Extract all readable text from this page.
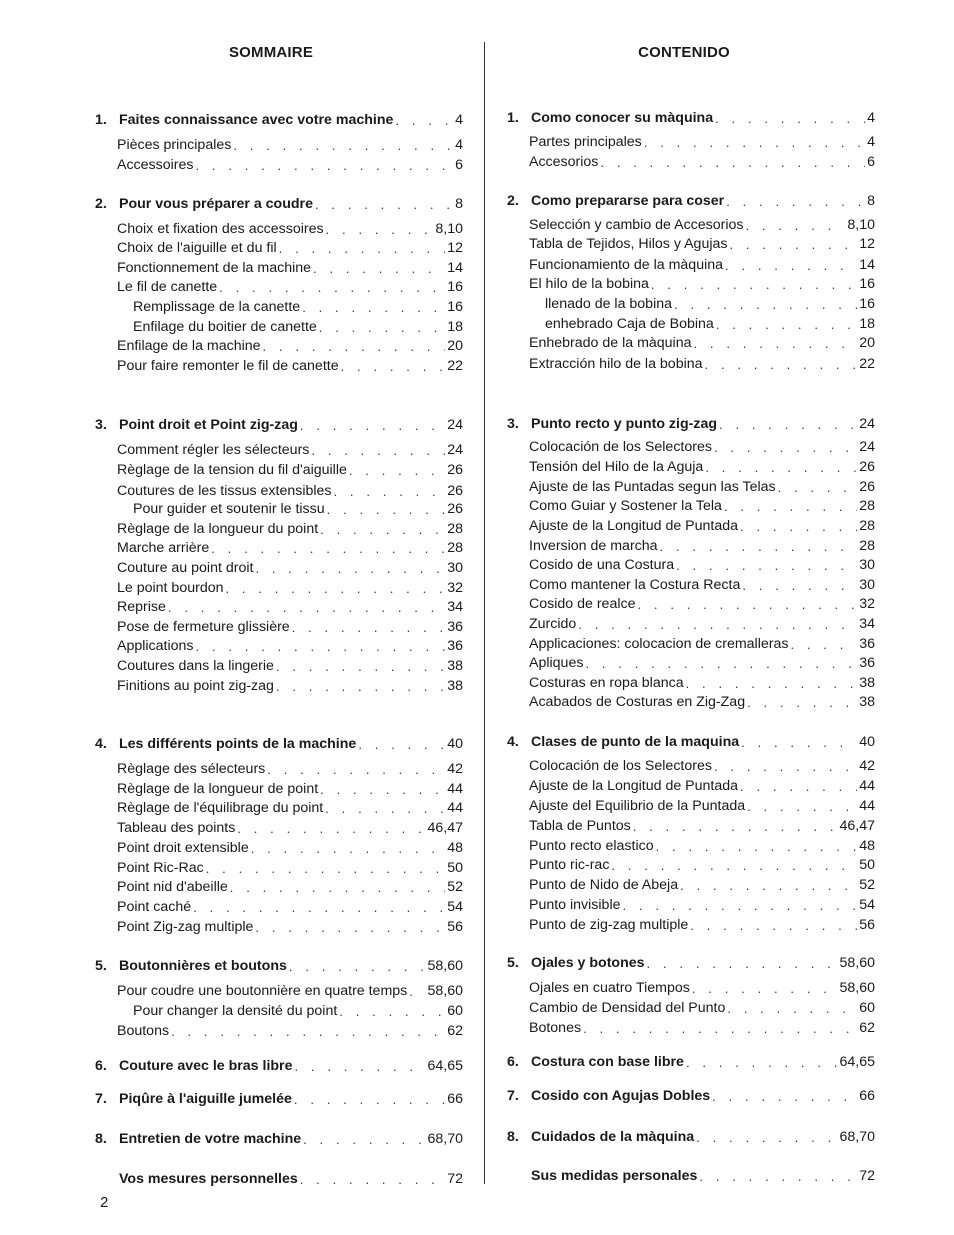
SOMMAIRE
1. Faites connaissance avec votre machine . . .	4
Pièces principales . . .	4
Accessoires . . .	6
2. Pour vous préparer a coudre . . .	8
Choix et fixation des accessoires . . .	8,10
Choix de l'aiguille et du fil . . .	12
Fonctionnement de la machine . . .	14
Le fil de canette . . .	16
Remplissage de la canette . . .	16
Enfilage du boitier de canette . . .	18
Enfilage de la machine . . .	20
Pour faire remonter le fil de canette . . .	22
3. Point droit et Point zig-zag . . .	24
Comment régler les sélecteurs . . .	24
Règlage de la tension du fil d'aiguille . . .	26
Coutures de les tissus extensibles . . .	26
Pour guider et soutenir le tissu . . .	26
Règlage de la longueur du point . . .	28
Marche arrière . . .	28
Couture au point droit . . .	30
Le point bourdon . . .	32
Reprise . . .	34
Pose de fermeture glissière . . .	36
Applications . . .	36
Coutures dans la lingerie . . .	38
Finitions au point zig-zag . . .	38
4. Les différents points de la machine . . .	40
Règlage des sélecteurs . . .	42
Règlage de la longueur de point . . .	44
Règlage de l'équilibrage du point . . .	44
Tableau des points . . .	46,47
Point droit extensible . . .	48
Point Ric-Rac . . .	50
Point nid d'abeille . . .	52
Point caché . . .	54
Point Zig-zag multiple . . .	56
5. Boutonnières et boutons . . .	58,60
Pour coudre une boutonnière en quatre temps . . . 58,60
Pour changer la densité du point . . .	60
Boutons . . .	62
6. Couture avec le bras libre . . .	64,65
7. Piqûre à l'aiguille jumelée . . .	66
8. Entretien de votre machine . . .	68,70
Vos mesures personnelles . . .	72
CONTENIDO
1. Como conocer su màquina . . .	4
Partes principales . . .	4
Accesorios . . .	6
2. Como prepararse para coser . . .	8
Selección y cambio de Accesorios . . .	8,10
Tabla de Tejidos, Hilos y Agujas . . .	12
Funcionamiento de la màquina . . .	14
El hilo de la bobina . . .	16
llenado de la bobina . . .	16
enhebrado Caja de Bobina . . .	18
Enhebrado de la màquina . . .	20
Extracción hilo de la bobina . . .	22
3. Punto recto y punto zig-zag . . .	24
Colocación de los Selectores . . .	24
Tensión del Hilo de la Aguja . . .	26
Ajuste de las Puntadas segun las Telas . . .	26
Como Guiar y Sostener la Tela . . .	28
Ajuste de la Longitud de Puntada . . .	28
Inversion de marcha . . .	28
Cosido de una Costura . . .	30
Como mantener la Costura Recta . . .	30
Cosido de realce . . .	32
Zurcido . . .	34
Applicaciones: colocacion de cremalleras . . .	36
Apliques . . .	36
Costuras en ropa blanca . . .	38
Acabados de Costuras en Zig-Zag . . .	38
4. Clases de punto de la maquina . . .	40
Colocación de los Selectores . . .	42
Ajuste de la Longitud de Puntada . . .	44
Ajuste del Equilibrio de la Puntada . . .	44
Tabla de Puntos . . .	46,47
Punto recto elastico . . .	48
Punto ric-rac . . .	50
Punto de Nido de Abeja . . .	52
Punto invisible . . .	54
Punto de zig-zag multiple . . .	56
5. Ojales y botones . . .	58,60
Ojales en cuatro Tiempos . . .	58,60
Cambio de Densidad del Punto . . .	60
Botones . . .	62
6. Costura con base libre . . .	64,65
7. Cosido con Agujas Dobles . . .	66
8. Cuidados de la màquina . . .	68,70
Sus medidas personales . . .	72
2
